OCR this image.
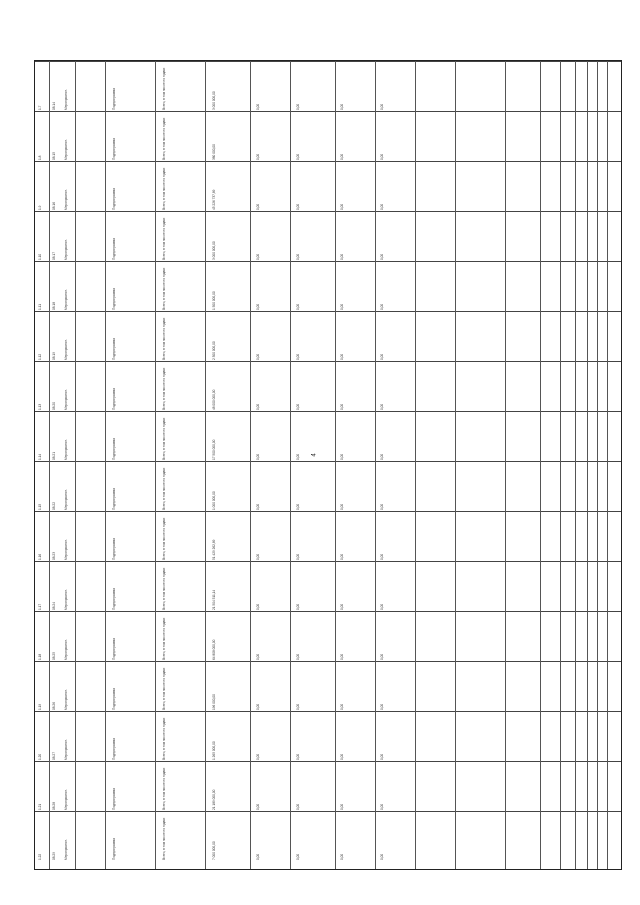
4
1.7	08.14	Мероприятие.	Подпрограмма	Всего, в том числе по годам:	3 000 000,00	0,00	0,00	0,00	0,00
1.8	08.15	Мероприятие.	Подпрограмма	Всего, в том числе по годам:	380 000,00	0,00	0,00	0,00	0,00
1.9	08.16	Мероприятие.	Подпрограмма	Всего, в том числе по годам:	45 226 737,89	0,00	0,00	0,00	0,00
1.10	08.17	Мероприятие.	Подпрограмма	Всего, в том числе по годам:	3 000 000,00	0,00	0,00	0,00	0,00
1.11	08.18	Мероприятие.	Подпрограмма	Всего, в том числе по годам:	1 500 000,00	0,00	0,00	0,00	0,00
1.12	08.19	Мероприятие.	Подпрограмма	Всего, в том числе по годам:	2 300 000,00	0,00	0,00	0,00	0,00
1.13	08.20	Мероприятие.	Подпрограмма	Всего, в том числе по годам:	48 000 000,00	0,00	0,00	0,00	0,00
1.14	08.21	Мероприятие.	Подпрограмма	Всего, в том числе по годам:	17 500 000,00	0,00	0,00	0,00	0,00
1.15	08.22	Мероприятие.	Подпрограмма	Всего, в том числе по годам:	1 000 000,00	0,00	0,00	0,00	0,00
1.16	08.23	Мероприятие.	Подпрограмма	Всего, в том числе по годам:	51 429 262,89	0,00	0,00	0,00	0,00
1.17	08.24	Мероприятие.	Подпрограмма	Всего, в том числе по годам:	21 504 511,14	0,00	0,00	0,00	0,00
1.18	08.25	Мероприятие.	Подпрограмма	Всего, в том числе по годам:	64 808 000,00	0,00	0,00	0,00	0,00
1.19	08.26	Мероприятие.	Подпрограмма	Всего, в том числе по годам:	196 000,00	0,00	0,00	0,00	0,00
1.20	08.27	Мероприятие.	Подпрограмма	Всего, в том числе по годам:	1 265 000,00	0,00	0,00	0,00	0,00
1.21	08.28	Мероприятие.	Подпрограмма	Всего, в том числе по годам:	21 189 000,00	0,00	0,00	0,00	0,00
1.22	08.29	Мероприятие.	Подпрограмма	Всего, в том числе по годам:	7 000 000,00	0,00	0,00	0,00	0,00
